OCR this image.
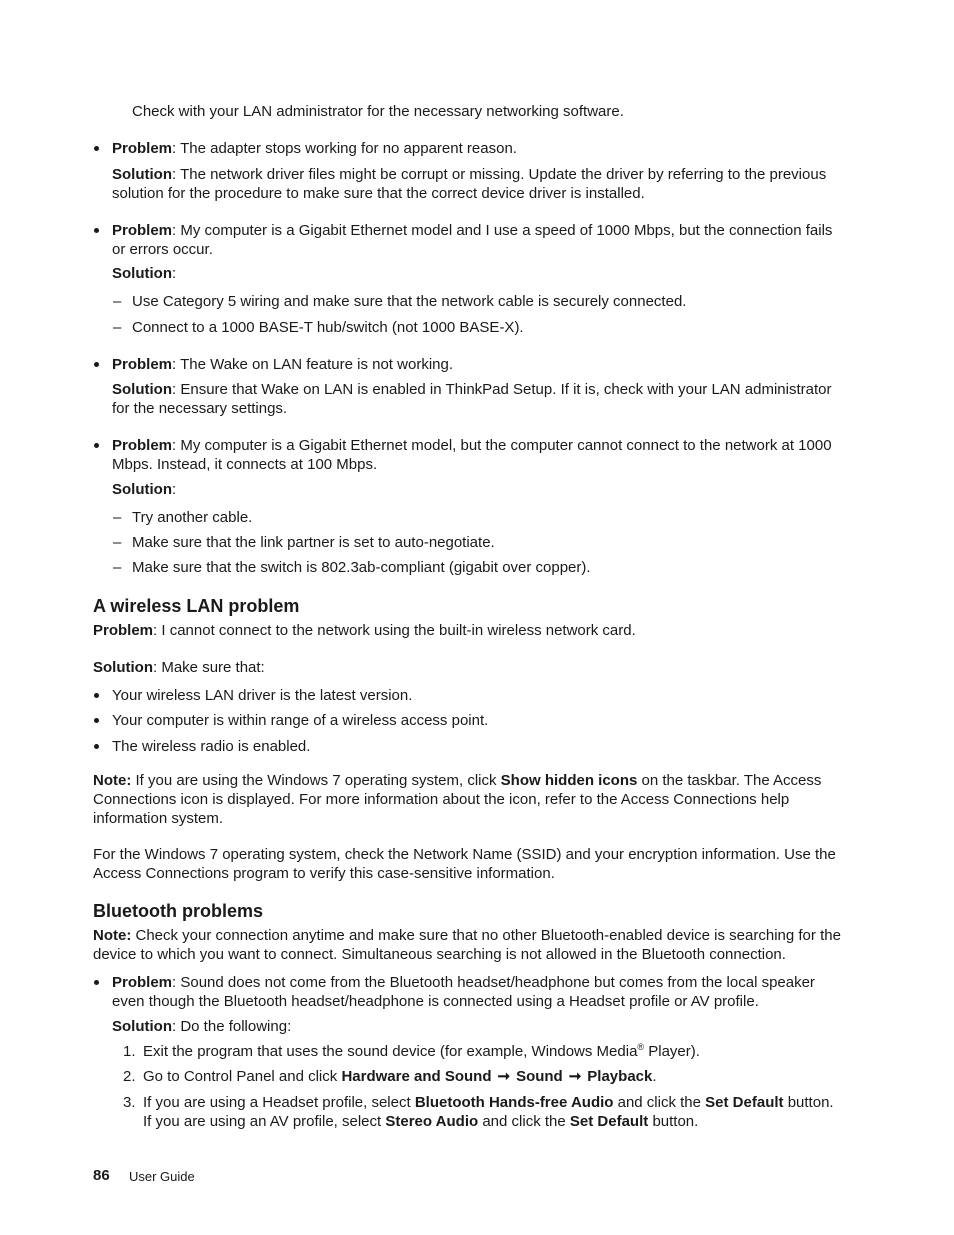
Check with your LAN administrator for the necessary networking software.

Problem: The adapter stops working for no apparent reason.

Solution: The network driver files might be corrupt or missing. Update the driver by referring to the previous solution for the procedure to make sure that the correct device driver is installed.

Problem: My computer is a Gigabit Ethernet model and I use a speed of 1000 Mbps, but the connection fails or errors occur.

Solution:

– Use Category 5 wiring and make sure that the network cable is securely connected.

– Connect to a 1000 BASE-T hub/switch (not 1000 BASE-X).

Problem: The Wake on LAN feature is not working.

Solution: Ensure that Wake on LAN is enabled in ThinkPad Setup. If it is, check with your LAN administrator for the necessary settings.

Problem: My computer is a Gigabit Ethernet model, but the computer cannot connect to the network at 1000 Mbps. Instead, it connects at 100 Mbps.

Solution:

– Try another cable.

– Make sure that the link partner is set to auto-negotiate.

– Make sure that the switch is 802.3ab-compliant (gigabit over copper).

A wireless LAN problem

Problem: I cannot connect to the network using the built-in wireless network card.

Solution: Make sure that:

Your wireless LAN driver is the latest version.

Your computer is within range of a wireless access point.

The wireless radio is enabled.

Note: If you are using the Windows 7 operating system, click Show hidden icons on the taskbar. The Access Connections icon is displayed. For more information about the icon, refer to the Access Connections help information system.

For the Windows 7 operating system, check the Network Name (SSID) and your encryption information. Use the Access Connections program to verify this case-sensitive information.

Bluetooth problems

Note: Check your connection anytime and make sure that no other Bluetooth-enabled device is searching for the device to which you want to connect. Simultaneous searching is not allowed in the Bluetooth connection.

Problem: Sound does not come from the Bluetooth headset/headphone but comes from the local speaker even though the Bluetooth headset/headphone is connected using a Headset profile or AV profile.

Solution: Do the following:

1. Exit the program that uses the sound device (for example, Windows Media® Player).

2. Go to Control Panel and click Hardware and Sound ➞ Sound ➞ Playback.

3. If you are using a Headset profile, select Bluetooth Hands-free Audio and click the Set Default button. If you are using an AV profile, select Stereo Audio and click the Set Default button.

86 User Guide
